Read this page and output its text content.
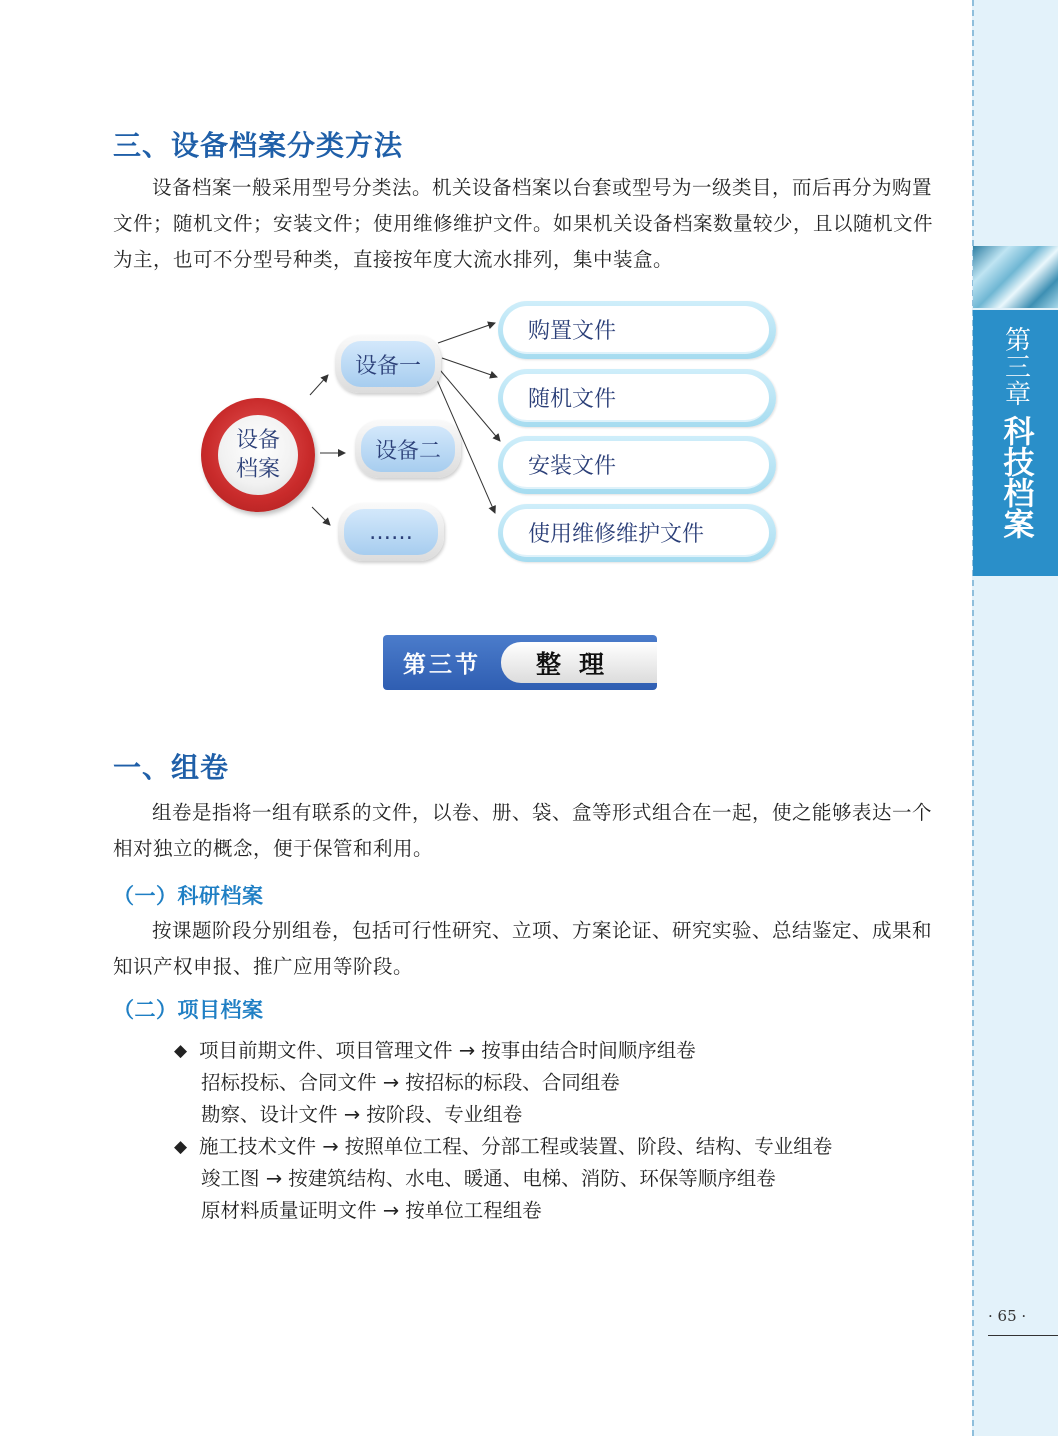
三、设备档案分类方法

设备档案一般采用型号分类法。机关设备档案以台套或型号为一级类目，而后再分为购置文件；随机文件；安装文件；使用维修维护文件。如果机关设备档案数量较少，且以随机文件为主，也可不分型号种类，直接按年度大流水排列，集中装盒。

设备
档案
设备一
设备二
……
购置文件
随机文件
安装文件
使用维修维护文件
第三节	整理
一、组卷

组卷是指将一组有联系的文件，以卷、册、袋、盒等形式组合在一起，使之能够表达一个相对独立的概念，便于保管和利用。

（一）科研档案

按课题阶段分别组卷，包括可行性研究、立项、方案论证、研究实验、总结鉴定、成果和知识产权申报、推广应用等阶段。

（二）项目档案
◆ 项目前期文件、项目管理文件 → 按事由结合时间顺序组卷
招标投标、合同文件 → 按招标的标段、合同组卷
勘察、设计文件 → 按阶段、专业组卷
◆ 施工技术文件 → 按照单位工程、分部工程或装置、阶段、结构、专业组卷
竣工图 → 按建筑结构、水电、暖通、电梯、消防、环保等顺序组卷
原材料质量证明文件 → 按单位工程组卷
第三章
科技档案
· 65 ·
